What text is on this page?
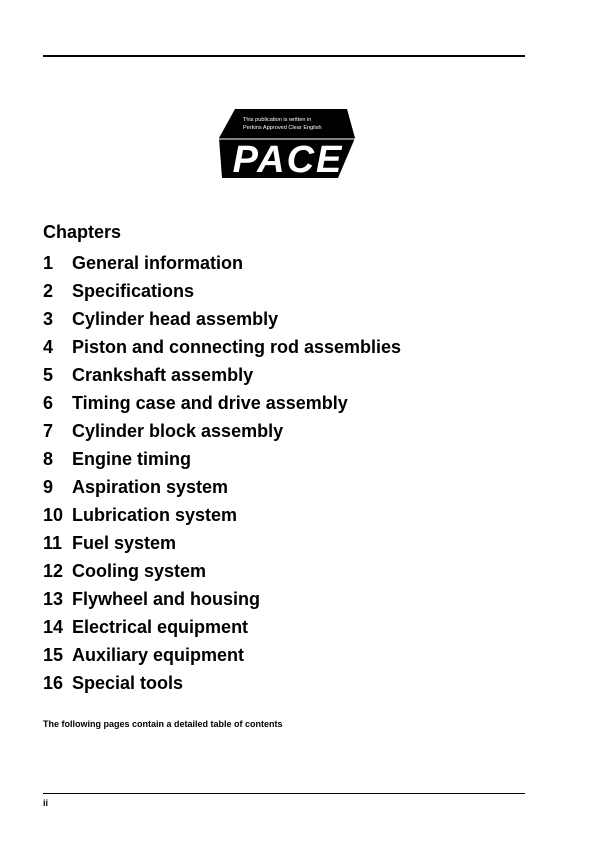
PACE
This publication is written in
Perkins Approved Clear English
Chapters
1	General information
2	Specifications
3	Cylinder head assembly
4	Piston and connecting rod assemblies
5	Crankshaft assembly
6	Timing case and drive assembly
7	Cylinder block assembly
8	Engine timing
9	Aspiration system
10 Lubrication system
11 Fuel system
12 Cooling system
13 Flywheel and housing
14 Electrical equipment
15 Auxiliary equipment
16 Special tools
The following pages contain a detailed table of contents
ii
